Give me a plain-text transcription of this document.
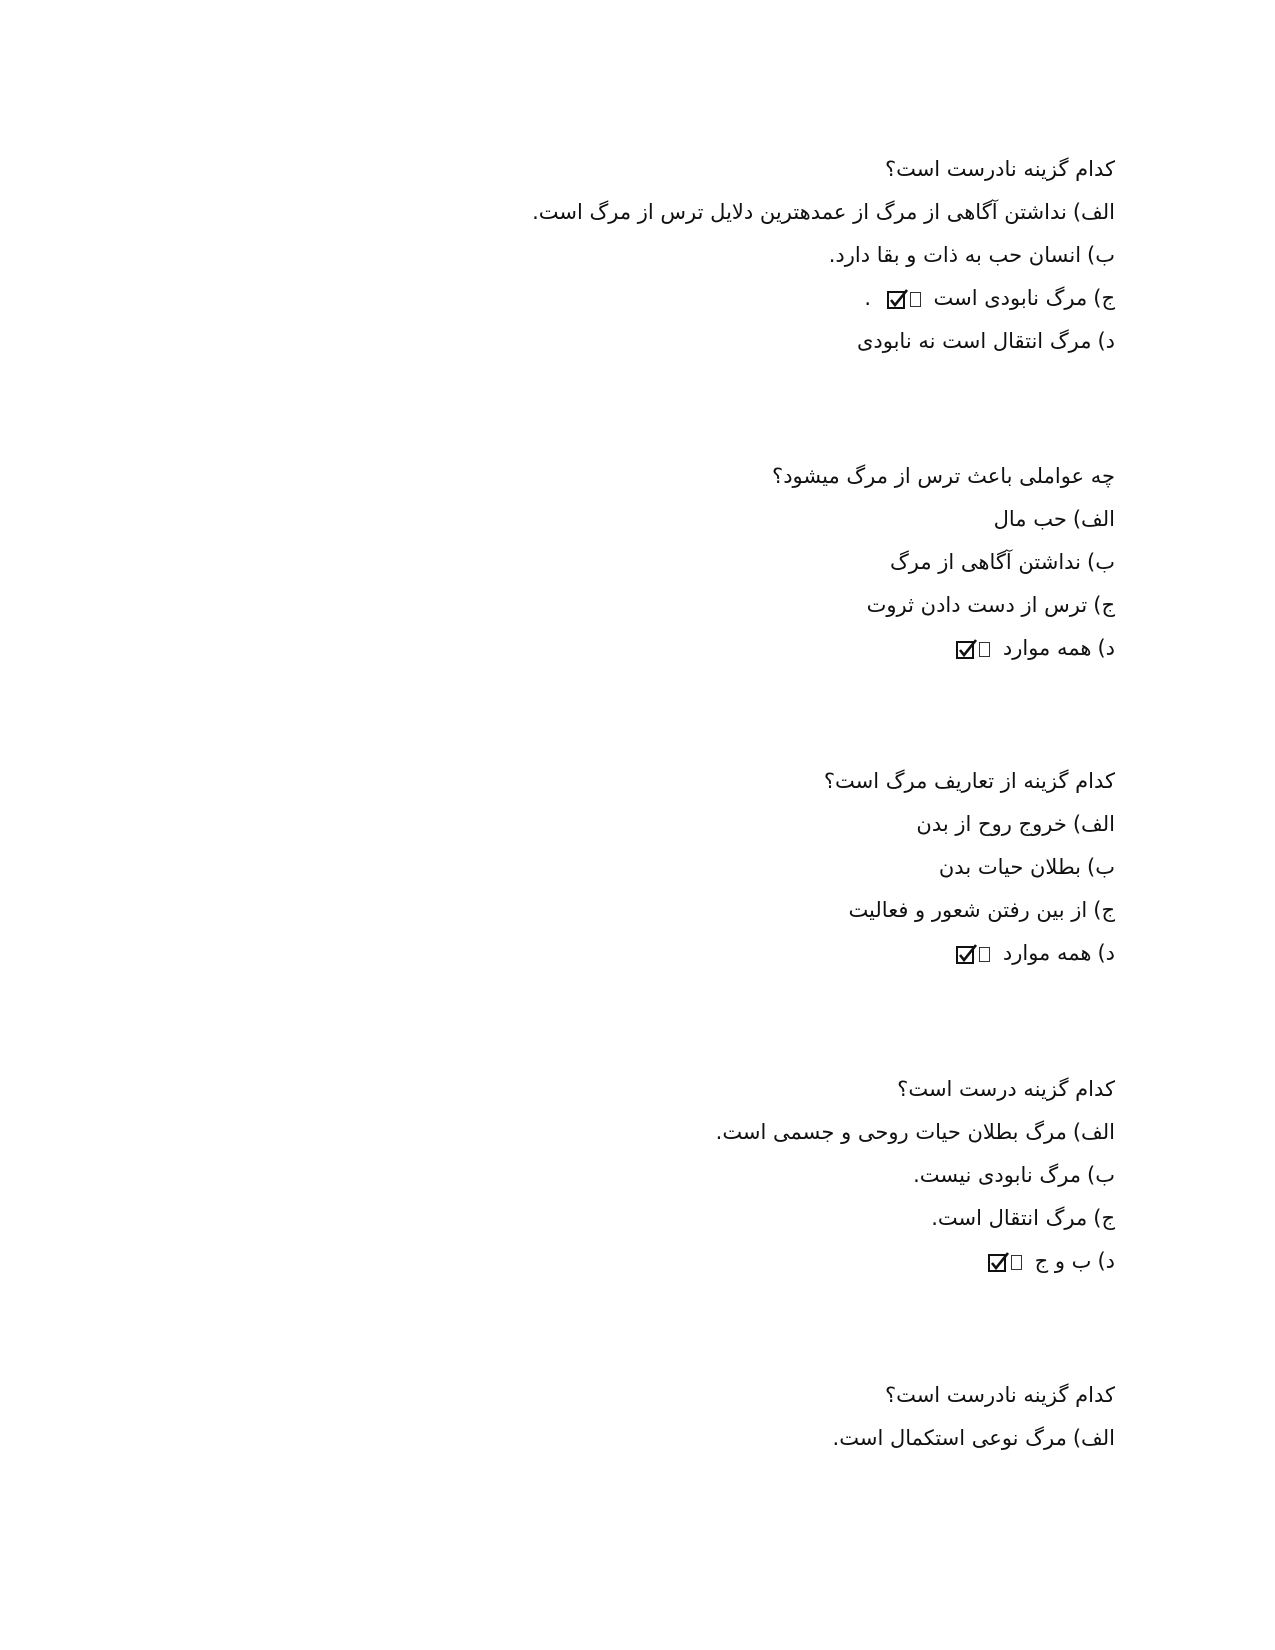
کدام گزینه نادرست است؟
الف)نداشتن آگاهی از مرگ از عمدهترین دلایل ترس از مرگ است.
ب)انسان حب به ذات و بقا دارد.
ج)مرگ نابودی است
.
د)مرگ انتقال است نه نابودی
چه عواملی باعث ترس از مرگ میشود؟
الف)حب مال
ب)نداشتن آگاهی از مرگ
ج)ترس از دست دادن ثروت
د)همه موارد
کدام گزینه از تعاریف مرگ است؟
الف)خروج روح از بدن
ب)بطلان حیات بدن
ج)از بین رفتن شعور و فعالیت
د)همه موارد
کدام گزینه درست است؟
الف)مرگ بطلان حیات روحی و جسمی است.
ب)مرگ نابودی نیست.
ج)مرگ انتقال است.
د)ب و ج
کدام گزینه نادرست است؟
الف)مرگ نوعی استکمال است.
